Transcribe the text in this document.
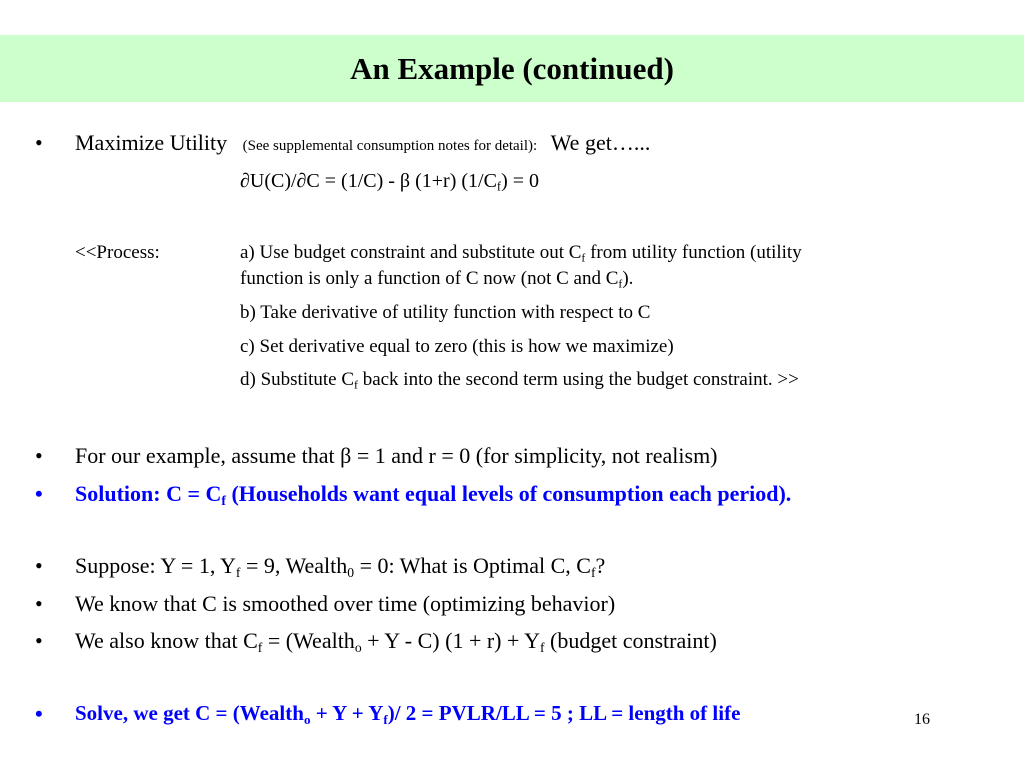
An Example (continued)
• Maximize Utility (See supplemental consumption notes for detail): We get…...
∂U(C)/∂C = (1/C) - β (1+r) $(1/C_f) = 0$
<<Process:	a) Use budget constraint and substitute out $C_f$ from utility function (utility
function is only a function of C now (not C and $C_f$).
b) Take derivative of utility function with respect to C
c) Set derivative equal to zero (this is how we maximize)
d) Substitute $C_f$ back into the second term using the budget constraint. >>
• For our example, assume that β = 1 and r = 0 (for simplicity, not realism)
• Solution: $C = C_f$ (Households want equal levels of consumption each period).
• Suppose: Y = 1, $Y_f = 9$, Wealth$_0$ = 0: What is Optimal C, $C_f$?
• We know that C is smoothed over time (optimizing behavior)
• We also know that $C_f$ = (Wealth$_o$ + Y - C) $(1 + r) + Y_f$ (budget constraint)
• Solve, we get C = (Wealth$_o$ + $Y + Y_f)/$ 2 = PVLR/LL = 5 ; LL = length of life	16
